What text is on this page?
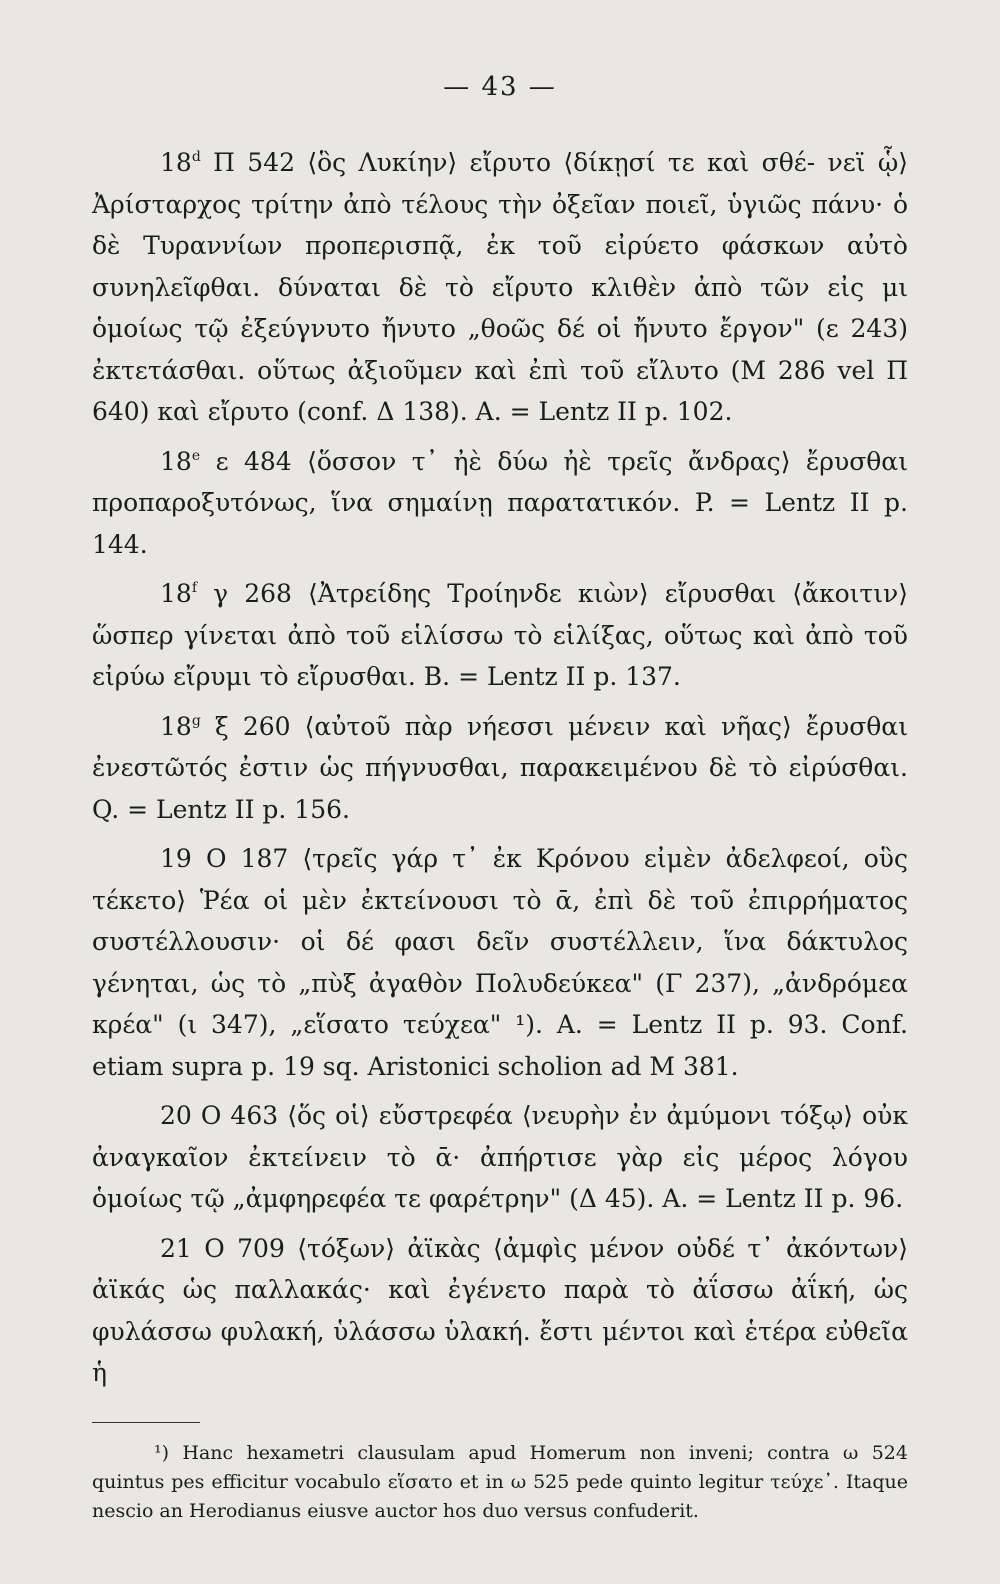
— 43 —

18$^d$ Π 542 ⟨ὃς Λυκίην⟩ εἴρυτο ⟨δίκῃσί τε καὶ σθέ- νεϊ ᾧ⟩ Ἀρίσταρχος τρίτην ἀπὸ τέλους τὴν ὀξεῖαν ποιεῖ, ὑγιῶς πάνυ· ὁ δὲ Τυραννίων προπερισπᾷ, ἐκ τοῦ εἰρύετο φάσκων αὐτὸ συνηλεῖφθαι. δύναται δὲ τὸ εἴρυτο κλιθὲν ἀπὸ τῶν εἰς μι ὁμοίως τῷ ἐξεύγνυτο ἤνυτο „θοῶς δέ οἱ ἤνυτο ἔργον" (ε 243) ἐκτετάσθαι. οὕτως ἀξιοῦμεν καὶ ἐπὶ τοῦ εἴλυτο (Μ 286 vel Π 640) καὶ εἴρυτο (conf. Δ 138). A. = Lentz II p. 102.

18e ε 484 ⟨ὅσσον τ᾽ ἠὲ δύω ἠὲ τρεῖς ἄνδρας⟩ ἔρυσθαι προπαροξυτόνως, ἵνα σημαίνῃ παρατατικόν. P. = Lentz II p. 144.

18$^f$ γ 268 ⟨Ἀτρείδης Τροίηνδε κιὼν⟩ εἴρυσθαι ⟨ἄκοιτιν⟩ ὥσπερ γίνεται ἀπὸ τοῦ εἱλίσσω τὸ εἱλίξας, οὕτως καὶ ἀπὸ τοῦ εἰρύω εἴρυμι τὸ εἴρυσθαι. B. = Lentz II p. 137.

18$^g$ ξ 260 ⟨αὐτοῦ πὰρ νήεσσι μένειν καὶ νῆας⟩ ἔρυσθαι ἐνεστῶτός ἐστιν ὡς πήγνυσθαι, παρακειμένου δὲ τὸ εἰρύσθαι. Q. = Lentz II p. 156.

19 Ο 187 ⟨τρεῖς γάρ τ᾽ ἐκ Κρόνου εἰμὲν ἀδελφεοί, οὓς τέκετο⟩ Ῥέα οἱ μὲν ἐκτείνουσι τὸ ᾱ, ἐπὶ δὲ τοῦ ἐπιρρήματος συστέλλουσιν· οἱ δέ φασι δεῖν συστέλλειν, ἵνα δάκτυλος γένηται, ὡς τὸ „πὺξ ἀγαθὸν Πολυδεύκεα" (Γ 237), „ἀνδρόμεα κρέα" (ι 347), „εἵσατο τεύχεα" ¹). A. = Lentz II p. 93. Conf. etiam supra p. 19 sq. Aristonici scholion ad Μ 381.

20 Ο 463 ⟨ὅς οἱ⟩ εὔστρεφέα ⟨νευρὴν ἐν ἀμύμονι τόξῳ⟩ οὐκ ἀναγκαῖον ἐκτείνειν τὸ ᾱ· ἀπήρτισε γὰρ εἰς μέρος λόγου ὁμοίως τῷ „ἀμφηρεφέα τε φαρέτρην" (Δ 45). A. = Lentz II p. 96.

21 Ο 709 ⟨τόξων⟩ ἀϊκὰς ⟨ἀμφὶς μένον οὐδέ τ᾽ ἀκόντων⟩ ἀϊκάς ὡς παλλακάς· καὶ ἐγένετο παρὰ τὸ ἀΐσσω ἀΐκή, ὡς φυλάσσω φυλακή, ὑλάσσω ὑλακή. ἔστι μέντοι καὶ ἑτέρα εὐθεῖα ἡ

¹) Hanc hexametri clausulam apud Homerum non inveni; contra ω 524 quintus pes efficitur vocabulo εἵσατο et in ω 525 pede quinto legitur τεύχε᾽. Itaque nescio an Herodianus eiusve auctor hos duo versus confuderit.
